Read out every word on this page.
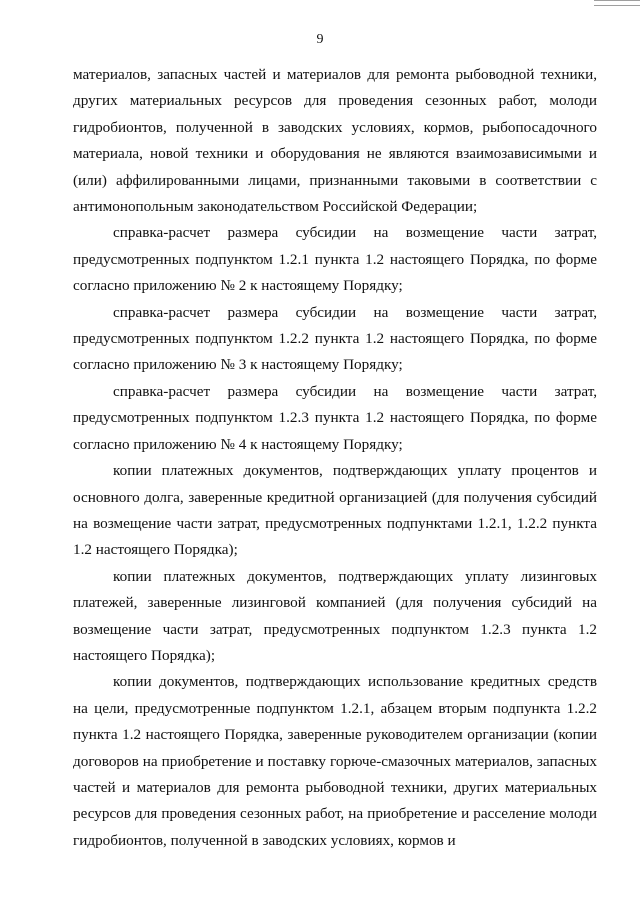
9

материалов, запасных частей и материалов для ремонта рыбоводной техники, других материальных ресурсов для проведения сезонных работ, молоди гидробионтов, полученной в заводских условиях, кормов, рыбопосадочного материала, новой техники и оборудования не являются взаимозависимыми и (или) аффилированными лицами, признанными таковыми в соответствии с антимонопольным законодательством Российской Федерации;

справка-расчет размера субсидии на возмещение части затрат, предусмотренных подпунктом 1.2.1 пункта 1.2 настоящего Порядка, по форме согласно приложению № 2 к настоящему Порядку;

справка-расчет размера субсидии на возмещение части затрат, предусмотренных подпунктом 1.2.2 пункта 1.2 настоящего Порядка, по форме согласно приложению № 3 к настоящему Порядку;

справка-расчет размера субсидии на возмещение части затрат, предусмотренных подпунктом 1.2.3 пункта 1.2 настоящего Порядка, по форме согласно приложению № 4 к настоящему Порядку;

копии платежных документов, подтверждающих уплату процентов и основного долга, заверенные кредитной организацией (для получения субсидий на возмещение части затрат, предусмотренных подпунктами 1.2.1, 1.2.2 пункта 1.2 настоящего Порядка);

копии платежных документов, подтверждающих уплату лизинговых платежей, заверенные лизинговой компанией (для получения субсидий на возмещение части затрат, предусмотренных подпунктом 1.2.3 пункта 1.2 настоящего Порядка);

копии документов, подтверждающих использование кредитных средств на цели, предусмотренные подпунктом 1.2.1, абзацем вторым подпункта 1.2.2 пункта 1.2 настоящего Порядка, заверенные руководителем организации (копии договоров на приобретение и поставку горюче-смазочных материалов, запасных частей и материалов для ремонта рыбоводной техники, других материальных ресурсов для проведения сезонных работ, на приобретение и расселение молоди гидробионтов, полученной в заводских условиях, кормов и
